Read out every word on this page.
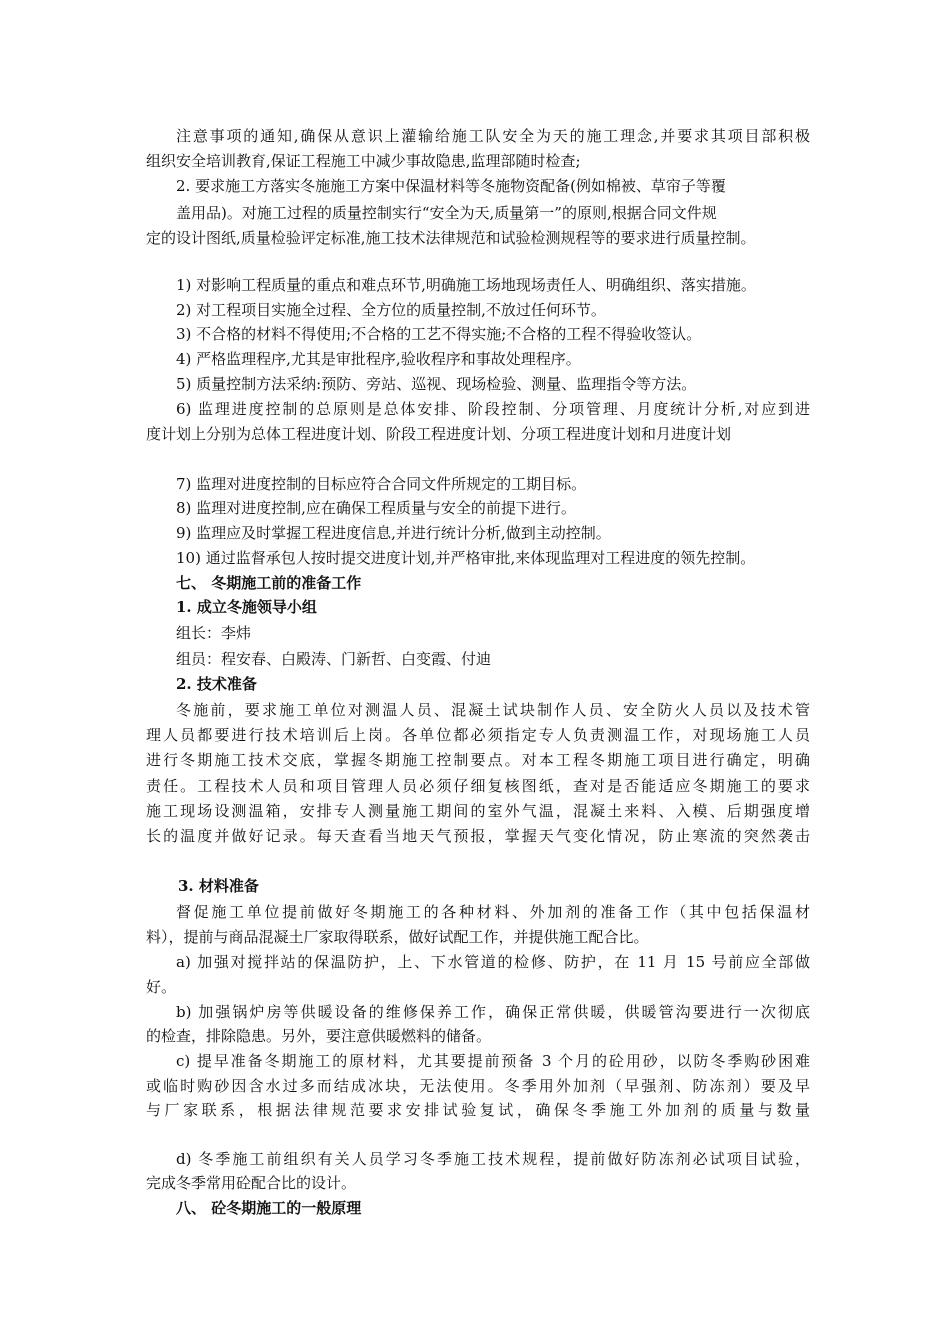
注意事项的通知,确保从意识上灌输给施工队安全为天的施工理念,并要求其项目部积极
组织安全培训教育,保证工程施工中减少事故隐患,监理部随时检查;
2. 要求施工方落实冬施施工方案中保温材料等冬施物资配备(例如棉被、草帘子等覆
盖用品)。对施工过程的质量控制实行“安全为天,质量第一”的原则,根据合同文件规
定的设计图纸,质量检验评定标准,施工技术法律规范和试验检测规程等的要求进行质量控制。
1) 对影响工程质量的重点和难点环节,明确施工场地现场责任人、明确组织、落实措施。
2) 对工程项目实施全过程、全方位的质量控制,不放过任何环节。
3) 不合格的材料不得使用;不合格的工艺不得实施;不合格的工程不得验收签认。
4) 严格监理程序,尤其是审批程序,验收程序和事故处理程序。
5) 质量控制方法采纳:预防、旁站、巡视、现场检验、测量、监理指令等方法。
6) 监理进度控制的总原则是总体安排、阶段控制、分项管理、月度统计分析,对应到进
度计划上分别为总体工程进度计划、阶段工程进度计划、分项工程进度计划和月进度计划
7) 监理对进度控制的目标应符合合同文件所规定的工期目标。
8) 监理对进度控制,应在确保工程质量与安全的前提下进行。
9) 监理应及时掌握工程进度信息,并进行统计分析,做到主动控制。
10) 通过监督承包人按时提交进度计划,并严格审批,来体现监理对工程进度的领先控制。
七、 冬期施工前的准备工作
1. 成立冬施领导小组
组长：李炜
组员：程安春、白殿涛、门新哲、白变霞、付迪
2. 技术准备
冬施前，要求施工单位对测温人员、混凝土试块制作人员、安全防火人员以及技术管
理人员都要进行技术培训后上岗。各单位都必须指定专人负责测温工作，对现场施工人员
进行冬期施工技术交底，掌握冬期施工控制要点。对本工程冬期施工项目进行确定，明确
责任。工程技术人员和项目管理人员必须仔细复核图纸，查对是否能适应冬期施工的要求
施工现场设测温箱，安排专人测量施工期间的室外气温，混凝土来料、入模、后期强度增
长的温度并做好记录。每天查看当地天气预报，掌握天气变化情况，防止寒流的突然袭击
3. 材料准备
督促施工单位提前做好冬期施工的各种材料、外加剂的准备工作（其中包括保温材
料），提前与商品混凝土厂家取得联系，做好试配工作，并提供施工配合比。
a) 加强对搅拌站的保温防护，上、下水管道的检修、防护，在 11 月 15 号前应全部做
好。
b) 加强锅炉房等供暖设备的维修保养工作，确保正常供暖，供暖管沟要进行一次彻底
的检查，排除隐患。另外，要注意供暖燃料的储备。
c) 提早准备冬期施工的原材料，尤其要提前预备 3 个月的砼用砂，以防冬季购砂困难
或临时购砂因含水过多而结成冰块，无法使用。冬季用外加剂（早强剂、防冻剂）要及早
与厂家联系，根据法律规范要求安排试验复试，确保冬季施工外加剂的质量与数量
d) 冬季施工前组织有关人员学习冬季施工技术规程，提前做好防冻剂必试项目试验，
完成冬季常用砼配合比的设计。
八、 砼冬期施工的一般原理
